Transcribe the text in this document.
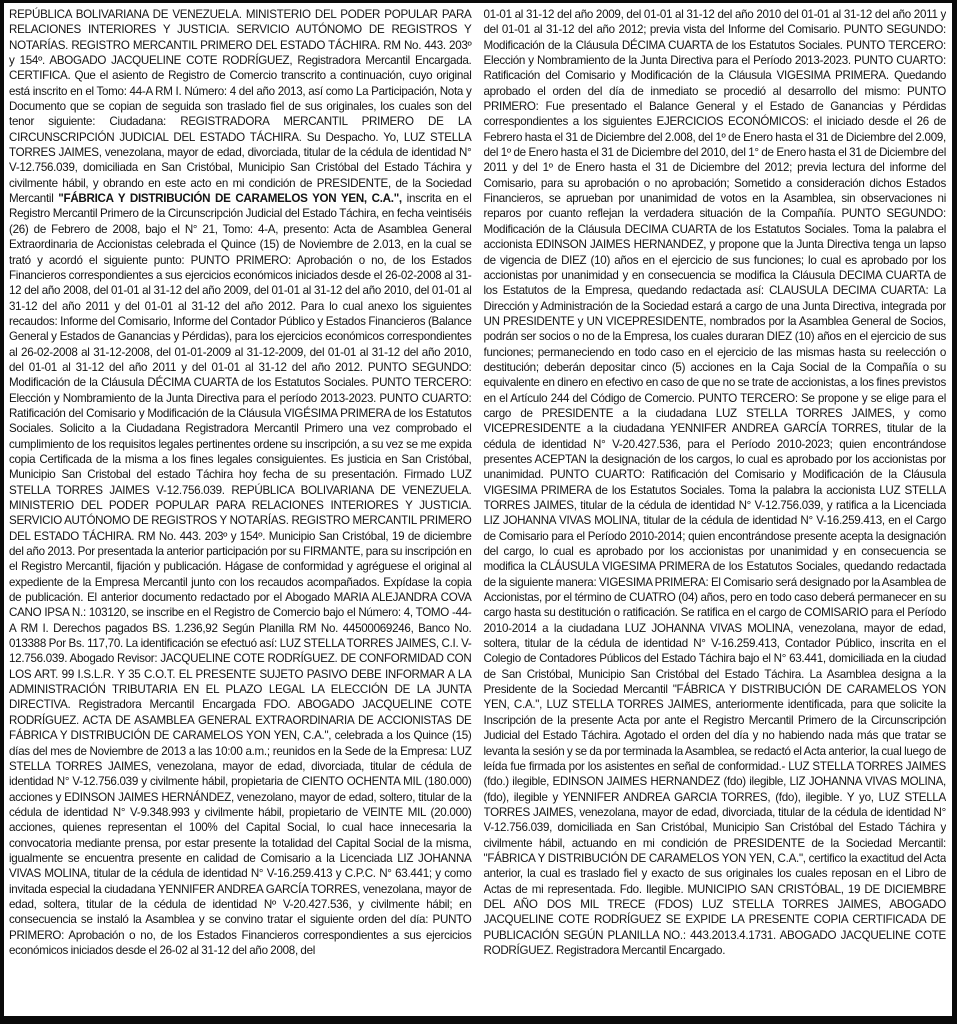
REPÚBLICA BOLIVARIANA DE VENEZUELA. MINISTERIO DEL PODER POPULAR PARA RELACIONES INTERIORES Y JUSTICIA. SERVICIO AUTÓNOMO DE REGISTROS Y NOTARÍAS. REGISTRO MERCANTIL PRIMERO DEL ESTADO TÁCHIRA. RM No. 443. 203º y 154º. ABOGADO JACQUELINE COTE RODRÍGUEZ, Registradora Mercantil Encargada. CERTIFICA. Que el asiento de Registro de Comercio transcrito a continuación, cuyo original está inscrito en el Tomo: 44-A RM I. Número: 4 del año 2013, así como La Participación, Nota y Documento que se copian de seguida son traslado fiel de sus originales, los cuales son del tenor siguiente: Ciudadana: REGISTRADORA MERCANTIL PRIMERO DE LA CIRCUNSCRIPCIÓN JUDICIAL DEL ESTADO TÁCHIRA. Su Despacho. Yo, LUZ STELLA TORRES JAIMES, venezolana, mayor de edad, divorciada, titular de la cédula de identidad N° V-12.756.039, domiciliada en San Cristóbal, Municipio San Cristóbal del Estado Táchira y civilmente hábil, y obrando en este acto en mi condición de PRESIDENTE, de la Sociedad Mercantil "FÁBRICA Y DISTRIBUCIÓN DE CARAMELOS YON YEN, C.A.", inscrita en el Registro Mercantil Primero de la Circunscripción Judicial del Estado Táchira, en fecha veintiséis (26) de Febrero de 2008, bajo el N° 21, Tomo: 4-A, presento: Acta de Asamblea General Extraordinaria de Accionistas celebrada el Quince (15) de Noviembre de 2.013, en la cual se trató y acordó el siguiente punto: PUNTO PRIMERO: Aprobación o no, de los Estados Financieros correspondientes a sus ejercicios económicos iniciados desde el 26-02-2008 al 31-12 del año 2008, del 01-01 al 31-12 del año 2009, del 01-01 al 31-12 del año 2010, del 01-01 al 31-12 del año 2011 y del 01-01 al 31-12 del año 2012. Para lo cual anexo los siguientes recaudos: Informe del Comisario, Informe del Contador Público y Estados Financieros (Balance General y Estados de Ganancias y Pérdidas), para los ejercicios económicos correspondientes al 26-02-2008 al 31-12-2008, del 01-01-2009 al 31-12-2009, del 01-01 al 31-12 del año 2010, del 01-01 al 31-12 del año 2011 y del 01-01 al 31-12 del año 2012. PUNTO SEGUNDO: Modificación de la Cláusula DÉCIMA CUARTA de los Estatutos Sociales. PUNTO TERCERO: Elección y Nombramiento de la Junta Directiva para el período 2013-2023. PUNTO CUARTO: Ratificación del Comisario y Modificación de la Cláusula VIGÉSIMA PRIMERA de los Estatutos Sociales. Solicito a la Ciudadana Registradora Mercantil Primero una vez comprobado el cumplimiento de los requisitos legales pertinentes ordene su inscripción, a su vez se me expida copia Certificada de la misma a los fines legales consiguientes. Es justicia en San Cristóbal, Municipio San Cristobal del estado Táchira hoy fecha de su presentación. Firmado LUZ STELLA TORRES JAIMES V-12.756.039. REPÚBLICA BOLIVARIANA DE VENEZUELA. MINISTERIO DEL PODER POPULAR PARA RELACIONES INTERIORES Y JUSTICIA. SERVICIO AUTÓNOMO DE REGISTROS Y NOTARÍAS. REGISTRO MERCANTIL PRIMERO DEL ESTADO TÁCHIRA. RM No. 443. 203º y 154º. Municipio San Cristóbal, 19 de diciembre del año 2013. Por presentada la anterior participación por su FIRMANTE, para su inscripción en el Registro Mercantil, fijación y publicación. Hágase de conformidad y agréguese el original al expediente de la Empresa Mercantil junto con los recaudos acompañados. Expídase la copia de publicación. El anterior documento redactado por el Abogado MARIA ALEJANDRA COVA CANO IPSA N.: 103120, se inscribe en el Registro de Comercio bajo el Número: 4, TOMO -44-A RM I. Derechos pagados BS. 1.236,92 Según Planilla RM No. 44500069246, Banco No. 013388 Por Bs. 117,70. La identificación se efectuó así: LUZ STELLA TORRES JAIMES, C.I. V-12.756.039. Abogado Revisor: JACQUELINE COTE RODRÍGUEZ. DE CONFORMIDAD CON LOS ART. 99 I.S.L.R. Y 35 C.O.T. EL PRESENTE SUJETO PASIVO DEBE INFORMAR A LA ADMINISTRACIÓN TRIBUTARIA EN EL PLAZO LEGAL LA ELECCIÓN DE LA JUNTA DIRECTIVA. Registradora Mercantil Encargada FDO. ABOGADO JACQUELINE COTE RODRÍGUEZ. ACTA DE ASAMBLEA GENERAL EXTRAORDINARIA DE ACCIONISTAS DE FÁBRICA Y DISTRIBUCIÓN DE CARAMELOS YON YEN, C.A.", celebrada a los Quince (15) días del mes de Noviembre de 2013 a las 10:00 a.m.; reunidos en la Sede de la Empresa: LUZ STELLA TORRES JAIMES, venezolana, mayor de edad, divorciada, titular de cédula de identidad N° V-12.756.039 y civilmente hábil, propietaria de CIENTO OCHENTA MIL (180.000) acciones y EDINSON JAIMES HERNÁNDEZ, venezolano, mayor de edad, soltero, titular de la cédula de identidad N° V-9.348.993 y civilmente hábil, propietario de VEINTE MIL (20.000) acciones, quienes representan el 100% del Capital Social, lo cual hace innecesaria la convocatoria mediante prensa, por estar presente la totalidad del Capital Social de la misma, igualmente se encuentra presente en calidad de Comisario a la Licenciada LIZ JOHANNA VIVAS MOLINA, titular de la cédula de identidad N° V-16.259.413 y C.P.C. N° 63.441; y como invitada especial la ciudadana YENNIFER ANDREA GARCÍA TORRES, venezolana, mayor de edad, soltera, titular de la cédula de identidad Nº V-20.427.536, y civilmente hábil; en consecuencia se instaló la Asamblea y se convino tratar el siguiente orden del día: PUNTO PRIMERO: Aprobación o no, de los Estados Financieros correspondientes a sus ejercicios económicos iniciados desde el 26-02 al 31-12 del año 2008, del
01-01 al 31-12 del año 2009, del 01-01 al 31-12 del año 2010 del 01-01 al 31-12 del año 2011 y del 01-01 al 31-12 del año 2012; previa vista del Informe del Comisario. PUNTO SEGUNDO: Modificación de la Cláusula DÉCIMA CUARTA de los Estatutos Sociales. PUNTO TERCERO: Elección y Nombramiento de la Junta Directiva para el Período 2013-2023. PUNTO CUARTO: Ratificación del Comisario y Modificación de la Cláusula VIGESIMA PRIMERA. Quedando aprobado el orden del día de inmediato se procedió al desarrollo del mismo: PUNTO PRIMERO: Fue presentado el Balance General y el Estado de Ganancias y Pérdidas correspondientes a los siguientes EJERCICIOS ECONÓMICOS: el iniciado desde el 26 de Febrero hasta el 31 de Diciembre del 2.008, del 1º de Enero hasta el 31 de Diciembre del 2.009, del 1º de Enero hasta el 31 de Diciembre del 2010, del 1° de Enero hasta el 31 de Diciembre del 2011 y del 1º de Enero hasta el 31 de Diciembre del 2012; previa lectura del informe del Comisario, para su aprobación o no aprobación; Sometido a consideración dichos Estados Financieros, se aprueban por unanimidad de votos en la Asamblea, sin observaciones ni reparos por cuanto reflejan la verdadera situación de la Compañía. PUNTO SEGUNDO: Modificación de la Cláusula DECIMA CUARTA de los Estatutos Sociales. Toma la palabra el accionista EDINSON JAIMES HERNANDEZ, y propone que la Junta Directiva tenga un lapso de vigencia de DIEZ (10) años en el ejercicio de sus funciones; lo cual es aprobado por los accionistas por unanimidad y en consecuencia se modifica la Cláusula DECIMA CUARTA de los Estatutos de la Empresa, quedando redactada así: CLAUSULA DECIMA CUARTA: La Dirección y Administración de la Sociedad estará a cargo de una Junta Directiva, integrada por UN PRESIDENTE y UN VICEPRESIDENTE, nombrados por la Asamblea General de Socios, podrán ser socios o no de la Empresa, los cuales duraran DIEZ (10) años en el ejercicio de sus funciones; permaneciendo en todo caso en el ejercicio de las mismas hasta su reelección o destitución; deberán depositar cinco (5) acciones en la Caja Social de la Compañía o su equivalente en dinero en efectivo en caso de que no se trate de accionistas, a los fines previstos en el Artículo 244 del Código de Comercio. PUNTO TERCERO: Se propone y se elige para el cargo de PRESIDENTE a la ciudadana LUZ STELLA TORRES JAIMES, y como VICEPRESIDENTE a la ciudadana YENNIFER ANDREA GARCÍA TORRES, titular de la cédula de identidad N° V-20.427.536, para el Período 2010-2023; quien encontrándose presentes ACEPTAN la designación de los cargos, lo cual es aprobado por los accionistas por unanimidad. PUNTO CUARTO: Ratificación del Comisario y Modificación de la Cláusula VIGESIMA PRIMERA de los Estatutos Sociales. Toma la palabra la accionista LUZ STELLA TORRES JAIMES, titular de la cédula de identidad N° V-12.756.039, y ratifica a la Licenciada LIZ JOHANNA VIVAS MOLINA, titular de la cédula de identidad N° V-16.259.413, en el Cargo de Comisario para el Período 2010-2014; quien encontrándose presente acepta la designación del cargo, lo cual es aprobado por los accionistas por unanimidad y en consecuencia se modifica la CLÁUSULA VIGESIMA PRIMERA de los Estatutos Sociales, quedando redactada de la siguiente manera: VIGESIMA PRIMERA: El Comisario será designado por la Asamblea de Accionistas, por el término de CUATRO (04) años, pero en todo caso deberá permanecer en su cargo hasta su destitución o ratificación. Se ratifica en el cargo de COMISARIO para el Período 2010-2014 a la ciudadana LUZ JOHANNA VIVAS MOLINA, venezolana, mayor de edad, soltera, titular de la cédula de identidad N° V-16.259.413, Contador Público, inscrita en el Colegio de Contadores Públicos del Estado Táchira bajo el N° 63.441, domiciliada en la ciudad de San Cristóbal, Municipio San Cristóbal del Estado Táchira. La Asamblea designa a la Presidente de la Sociedad Mercantil "FÁBRICA Y DISTRIBUCIÓN DE CARAMELOS YON YEN, C.A.", LUZ STELLA TORRES JAIMES, anteriormente identificada, para que solicite la Inscripción de la presente Acta por ante el Registro Mercantil Primero de la Circunscripción Judicial del Estado Táchira. Agotado el orden del día y no habiendo nada más que tratar se levanta la sesión y se da por terminada la Asamblea, se redactó el Acta anterior, la cual luego de leída fue firmada por los asistentes en señal de conformidad.- LUZ STELLA TORRES JAIMES (fdo.) ilegible, EDINSON JAIMES HERNANDEZ (fdo) ilegible, LIZ JOHANNA VIVAS MOLINA, (fdo), ilegible y YENNIFER ANDREA GARCIA TORRES, (fdo), ilegible. Y yo, LUZ STELLA TORRES JAIMES, venezolana, mayor de edad, divorciada, titular de la cédula de identidad N° V-12.756.039, domiciliada en San Cristóbal, Municipio San Cristóbal del Estado Táchira y civilmente hábil, actuando en mi condición de PRESIDENTE de la Sociedad Mercantil: "FÁBRICA Y DISTRIBUCIÓN DE CARAMELOS YON YEN, C.A.", certifico la exactitud del Acta anterior, la cual es traslado fiel y exacto de sus originales los cuales reposan en el Libro de Actas de mi representada. Fdo. Ilegible. MUNICIPIO SAN CRISTÓBAL, 19 DE DICIEMBRE DEL AÑO DOS MIL TRECE (FDOS) LUZ STELLA TORRES JAIMES, ABOGADO JACQUELINE COTE RODRÍGUEZ SE EXPIDE LA PRESENTE COPIA CERTIFICADA DE PUBLICACIÓN SEGÚN PLANILLA NO.: 443.2013.4.1731. ABOGADO JACQUELINE COTE RODRÍGUEZ. Registradora Mercantil Encargado.
